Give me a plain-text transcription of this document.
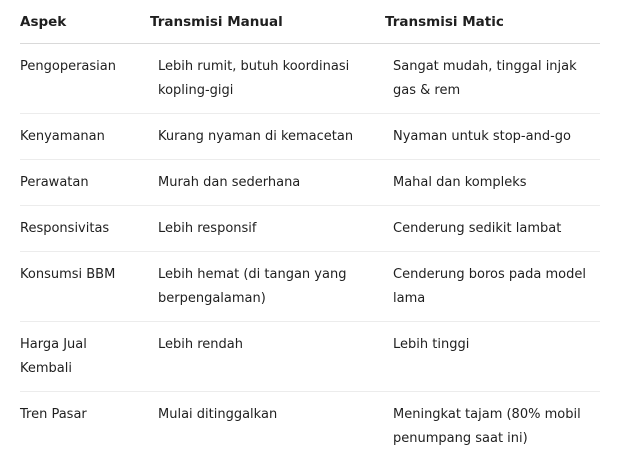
Aspek	Transmisi Manual	Transmisi Matic
Pengoperasian	Lebih rumit, butuh koordinasi kopling-gigi	Sangat mudah, tinggal injak gas & rem
Kenyamanan	Kurang nyaman di kemacetan	Nyaman untuk stop-and-go
Perawatan	Murah dan sederhana	Mahal dan kompleks
Responsivitas	Lebih responsif	Cenderung sedikit lambat
Konsumsi BBM	Lebih hemat (di tangan yang berpengalaman)	Cenderung boros pada model lama
Harga Jual Kembali	Lebih rendah	Lebih tinggi
Tren Pasar	Mulai ditinggalkan	Meningkat tajam (80% mobil penumpang saat ini)
